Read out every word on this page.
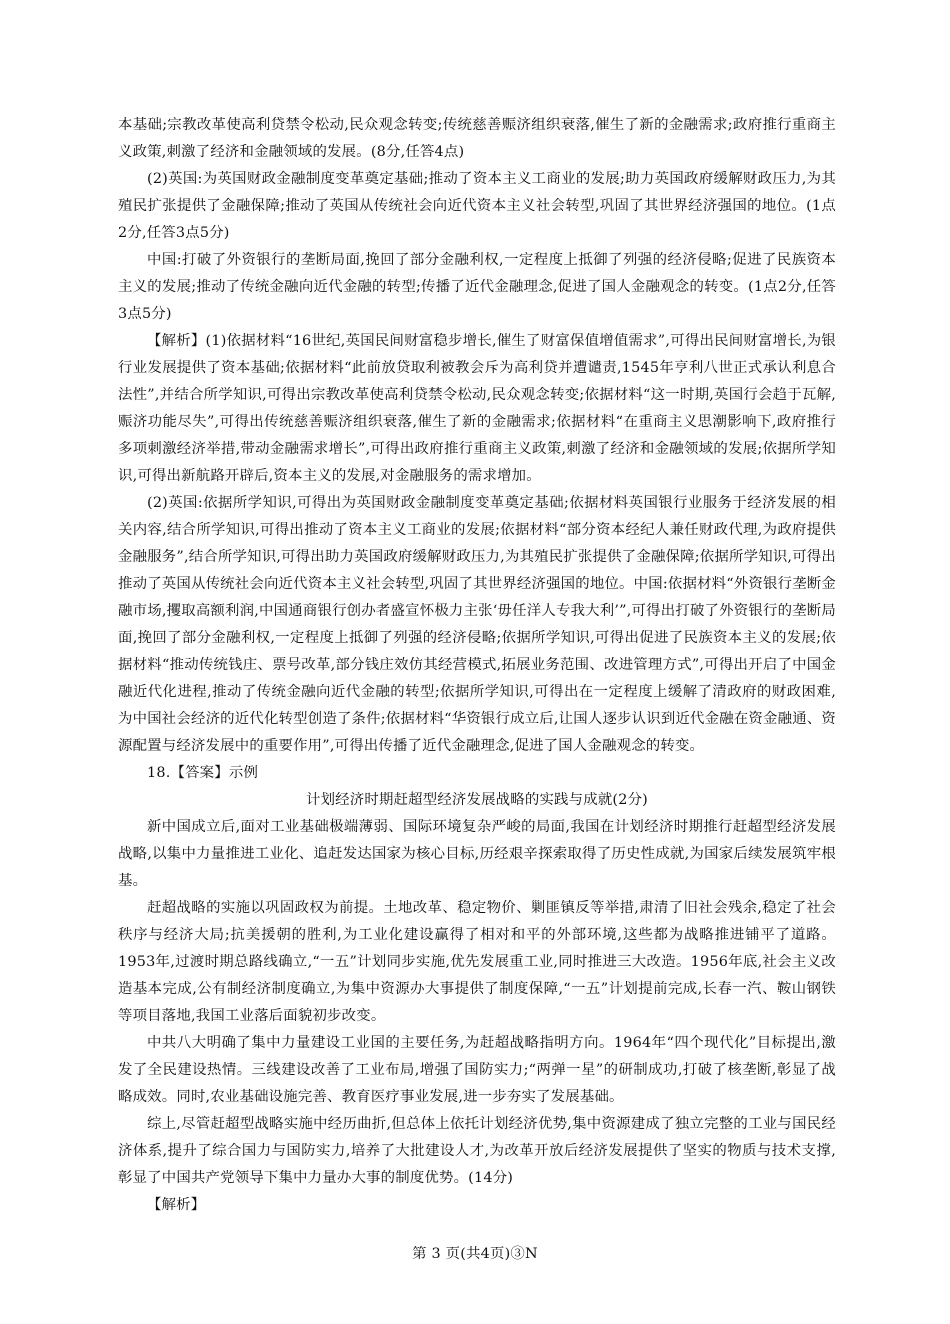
本基础;宗教改革使高利贷禁令松动,民众观念转变;传统慈善赈济组织衰落,催生了新的金融需求;政府推行重商主义政策,刺激了经济和金融领域的发展。(8分,任答4点)

(2)英国:为英国财政金融制度变革奠定基础;推动了资本主义工商业的发展;助力英国政府缓解财政压力,为其殖民扩张提供了金融保障;推动了英国从传统社会向近代资本主义社会转型,巩固了其世界经济强国的地位。(1点2分,任答3点5分)

中国:打破了外资银行的垄断局面,挽回了部分金融利权,一定程度上抵御了列强的经济侵略;促进了民族资本主义的发展;推动了传统金融向近代金融的转型;传播了近代金融理念,促进了国人金融观念的转变。(1点2分,任答3点5分)

【解析】(1)依据材料“16世纪,英国民间财富稳步增长,催生了财富保值增值需求”,可得出民间财富增长,为银行业发展提供了资本基础;依据材料“此前放贷取利被教会斥为高利贷并遭谴责,1545年亨利八世正式承认利息合法性”,并结合所学知识,可得出宗教改革使高利贷禁令松动,民众观念转变;依据材料“这一时期,英国行会趋于瓦解,赈济功能尽失”,可得出传统慈善赈济组织衰落,催生了新的金融需求;依据材料“在重商主义思潮影响下,政府推行多项刺激经济举措,带动金融需求增长”,可得出政府推行重商主义政策,刺激了经济和金融领域的发展;依据所学知识,可得出新航路开辟后,资本主义的发展,对金融服务的需求增加。

(2)英国:依据所学知识,可得出为英国财政金融制度变革奠定基础;依据材料英国银行业服务于经济发展的相关内容,结合所学知识,可得出推动了资本主义工商业的发展;依据材料“部分资本经纪人兼任财政代理,为政府提供金融服务”,结合所学知识,可得出助力英国政府缓解财政压力,为其殖民扩张提供了金融保障;依据所学知识,可得出推动了英国从传统社会向近代资本主义社会转型,巩固了其世界经济强国的地位。中国:依据材料“外资银行垄断金融市场,攫取高额利润,中国通商银行创办者盛宣怀极力主张‘毋任洋人专我大利’”,可得出打破了外资银行的垄断局面,挽回了部分金融利权,一定程度上抵御了列强的经济侵略;依据所学知识,可得出促进了民族资本主义的发展;依据材料“推动传统钱庄、票号改革,部分钱庄效仿其经营模式,拓展业务范围、改进管理方式”,可得出开启了中国金融近代化进程,推动了传统金融向近代金融的转型;依据所学知识,可得出在一定程度上缓解了清政府的财政困难,为中国社会经济的近代化转型创造了条件;依据材料“华资银行成立后,让国人逐步认识到近代金融在资金融通、资源配置与经济发展中的重要作用”,可得出传播了近代金融理念,促进了国人金融观念的转变。

18.【答案】示例

计划经济时期赶超型经济发展战略的实践与成就(2分)

新中国成立后,面对工业基础极端薄弱、国际环境复杂严峻的局面,我国在计划经济时期推行赶超型经济发展战略,以集中力量推进工业化、追赶发达国家为核心目标,历经艰辛探索取得了历史性成就,为国家后续发展筑牢根基。

赶超战略的实施以巩固政权为前提。土地改革、稳定物价、剿匪镇反等举措,肃清了旧社会残余,稳定了社会秩序与经济大局;抗美援朝的胜利,为工业化建设赢得了相对和平的外部环境,这些都为战略推进铺平了道路。1953年,过渡时期总路线确立,“一五”计划同步实施,优先发展重工业,同时推进三大改造。1956年底,社会主义改造基本完成,公有制经济制度确立,为集中资源办大事提供了制度保障,“一五”计划提前完成,长春一汽、鞍山钢铁等项目落地,我国工业落后面貌初步改变。

中共八大明确了集中力量建设工业国的主要任务,为赶超战略指明方向。1964年“四个现代化”目标提出,激发了全民建设热情。三线建设改善了工业布局,增强了国防实力;“两弹一星”的研制成功,打破了核垄断,彰显了战略成效。同时,农业基础设施完善、教育医疗事业发展,进一步夯实了发展基础。

综上,尽管赶超型战略实施中经历曲折,但总体上依托计划经济优势,集中资源建成了独立完整的工业与国民经济体系,提升了综合国力与国防实力,培养了大批建设人才,为改革开放后经济发展提供了坚实的物质与技术支撑,彰显了中国共产党领导下集中力量办大事的制度优势。(14分)

【解析】

第 3 页(共4页)③N
